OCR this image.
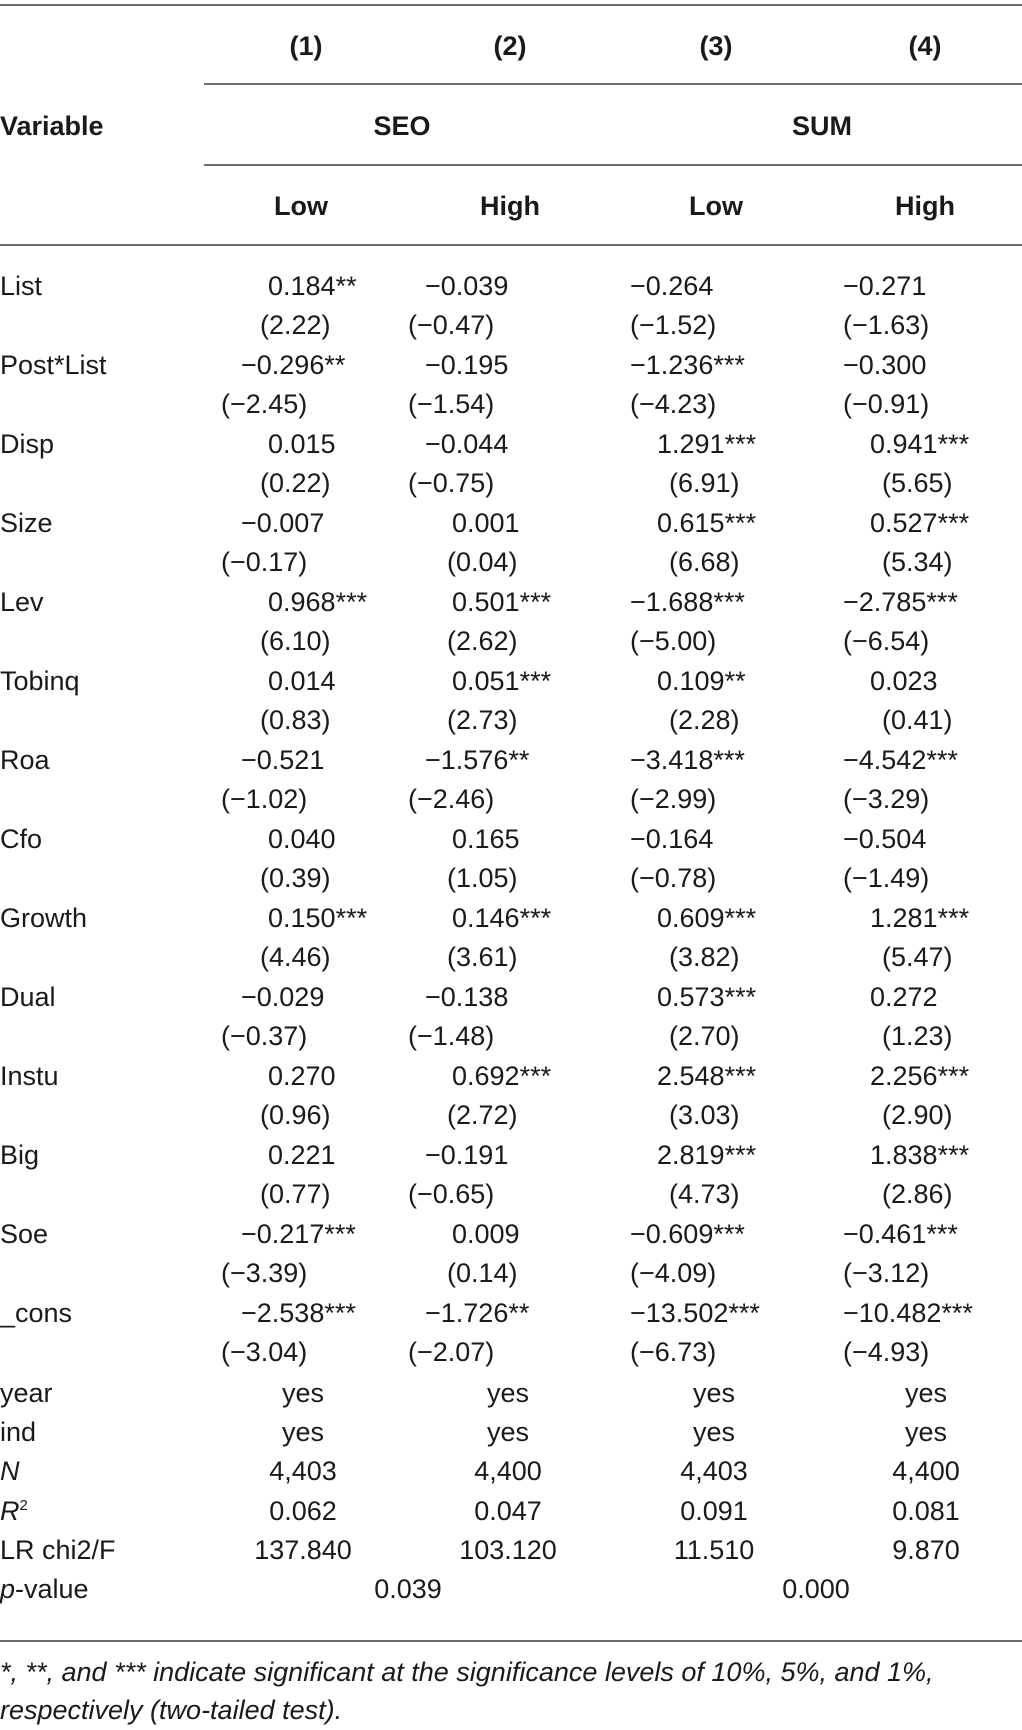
(1)	(2)	(3)	(4)
Variable	SEO	SUM
Low	High	Low	High
List	0.184**	−0.039	−0.264	−0.271
(2.22)	(−0.47)	(−1.52)	(−1.63)
Post*List	−0.296**	−0.195	−1.236***	−0.300
(−2.45)	(−1.54)	(−4.23)	(−0.91)
Disp	0.015	−0.044	1.291***	0.941***
(0.22)	(−0.75)	(6.91)	(5.65)
Size	−0.007	0.001	0.615***	0.527***
(−0.17)	(0.04)	(6.68)	(5.34)
Lev	0.968***	0.501***	−1.688***	−2.785***
(6.10)	(2.62)	(−5.00)	(−6.54)
Tobinq	0.014	0.051***	0.109**	0.023
(0.83)	(2.73)	(2.28)	(0.41)
Roa	−0.521	−1.576**	−3.418***	−4.542***
(−1.02)	(−2.46)	(−2.99)	(−3.29)
Cfo	0.040	0.165	−0.164	−0.504
(0.39)	(1.05)	(−0.78)	(−1.49)
Growth	0.150***	0.146***	0.609***	1.281***
(4.46)	(3.61)	(3.82)	(5.47)
Dual	−0.029	−0.138	0.573***	0.272
(−0.37)	(−1.48)	(2.70)	(1.23)
Instu	0.270	0.692***	2.548***	2.256***
(0.96)	(2.72)	(3.03)	(2.90)
Big	0.221	−0.191	2.819***	1.838***
(0.77)	(−0.65)	(4.73)	(2.86)
Soe	−0.217***	0.009	−0.609***	−0.461***
(−3.39)	(0.14)	(−4.09)	(−3.12)
_cons	−2.538***	−1.726**	−13.502***	−10.482***
(−3.04)	(−2.07)	(−6.73)	(−4.93)
year	yes	yes	yes	yes
ind	yes	yes	yes	yes
N	4,403	4,400	4,403	4,400
$R^2$	0.062	0.047	0.091	0.081
LR chi2/F	137.840	103.120	11.510	9.870
p-value	0.039	0.000
*, **, and *** indicate significant at the significance levels of 10%, 5%, and 1%, respectively (two-tailed test).
